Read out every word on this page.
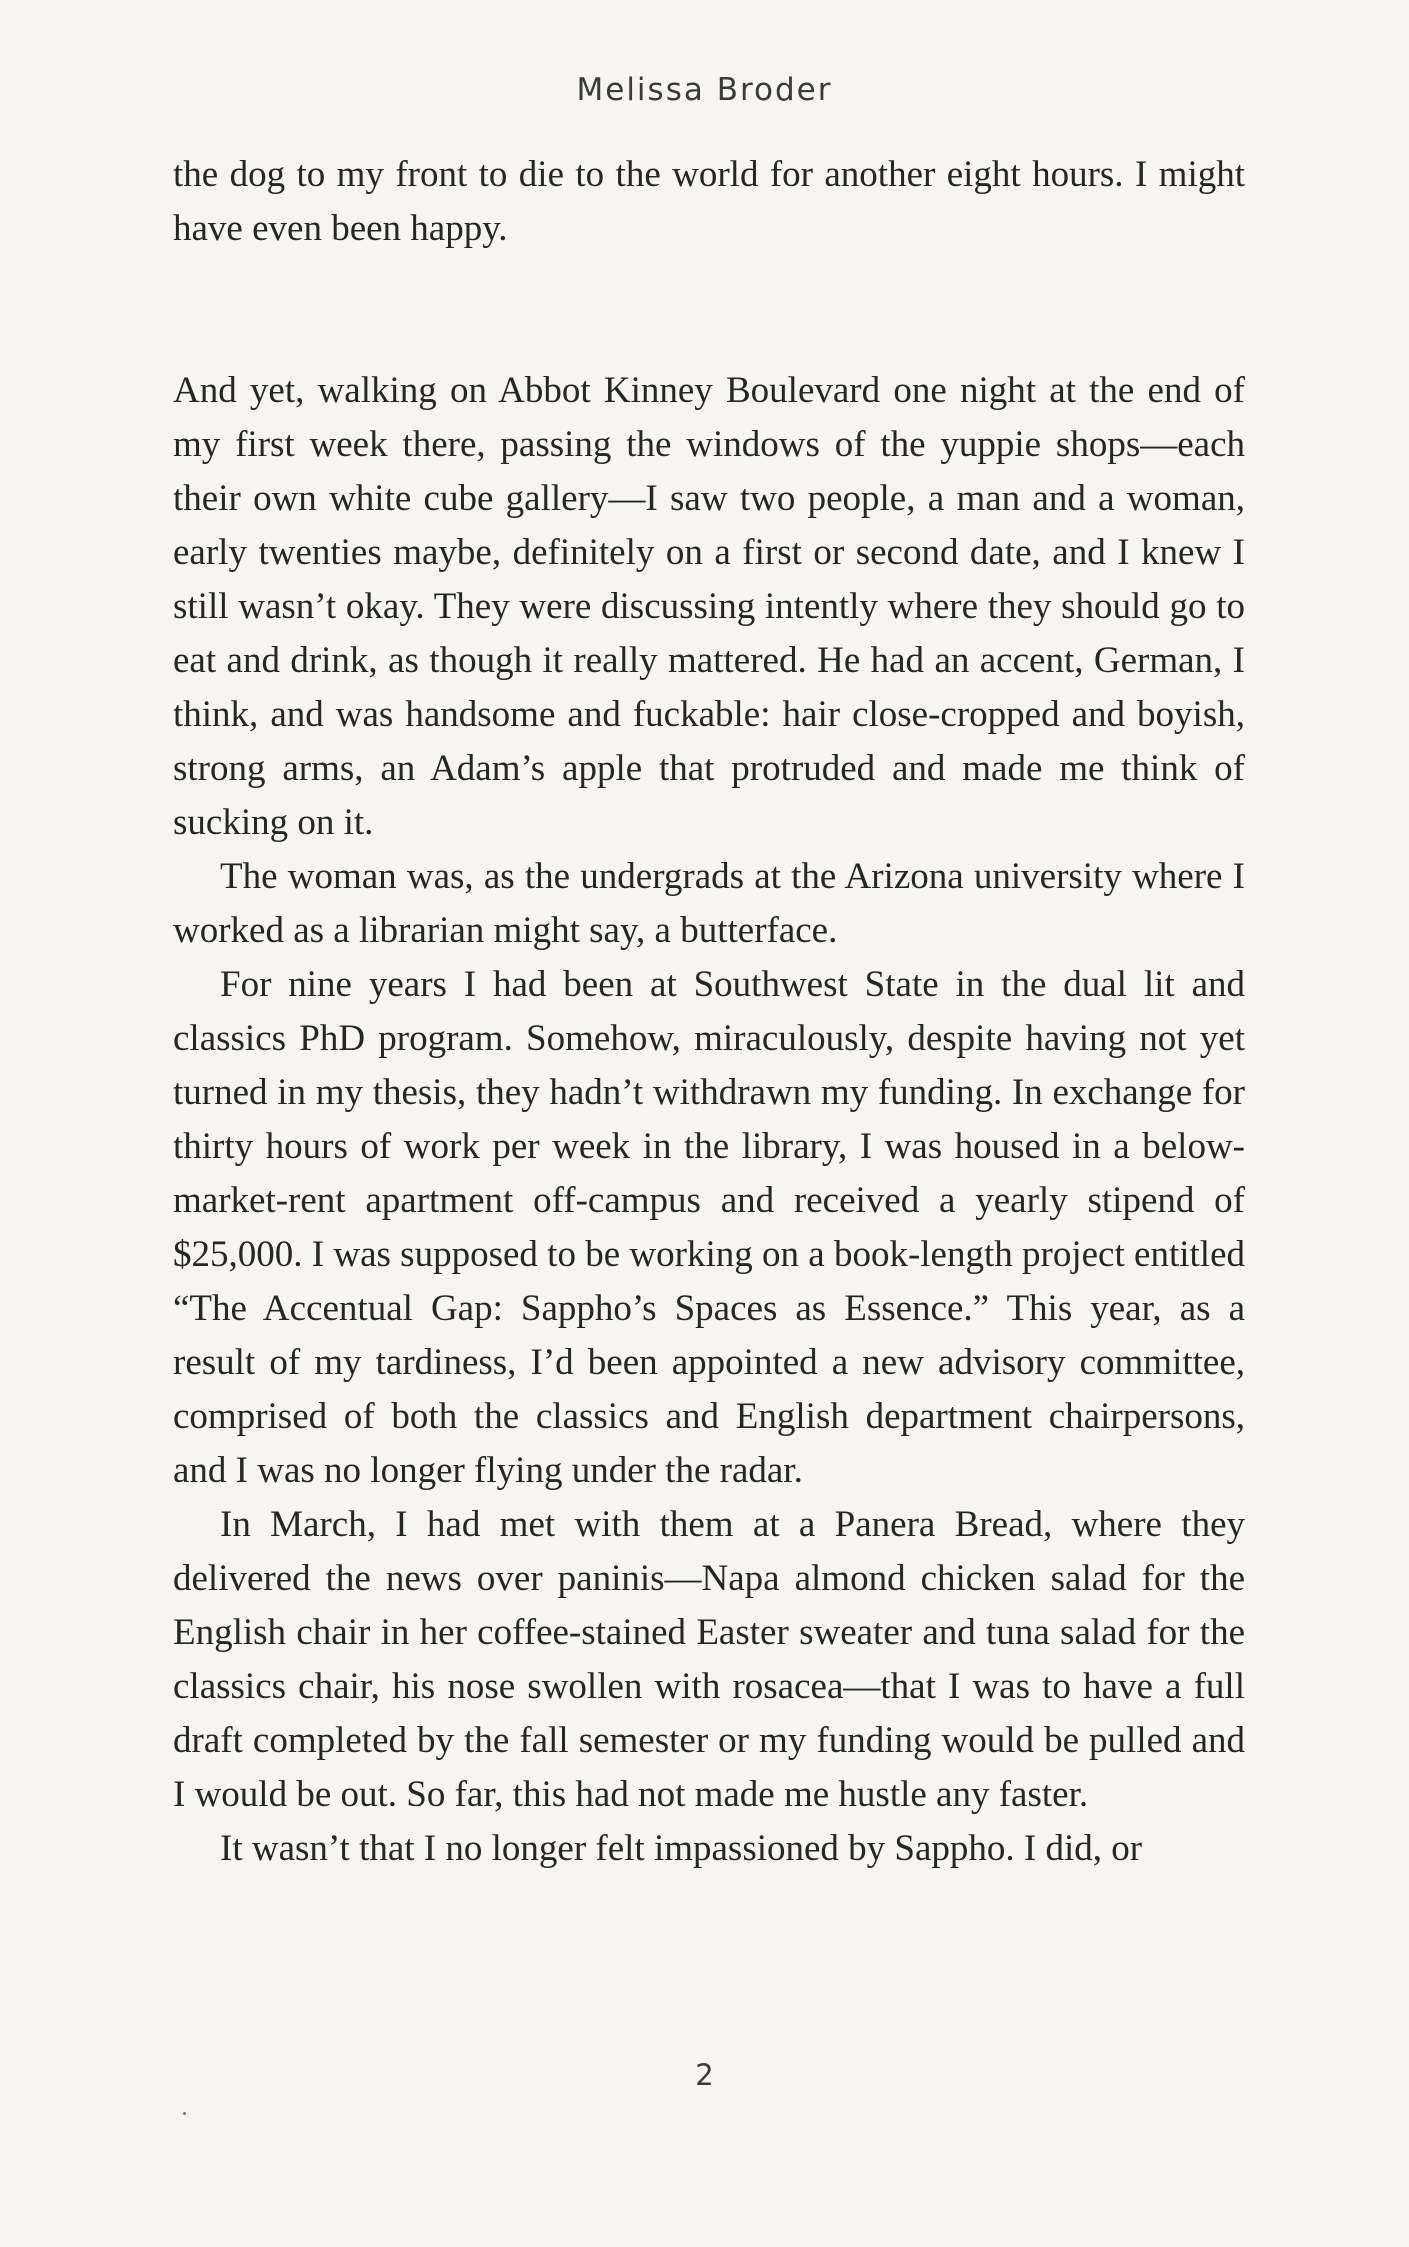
Melissa Broder

the dog to my front to die to the world for another eight hours. I might have even been happy.

And yet, walking on Abbot Kinney Boulevard one night at the end of my first week there, passing the windows of the yuppie shops—each their own white cube gallery—I saw two people, a man and a woman, early twenties maybe, definitely on a first or second date, and I knew I still wasn’t okay. They were discussing intently where they should go to eat and drink, as though it really mattered. He had an accent, German, I think, and was handsome and fuckable: hair close-cropped and boyish, strong arms, an Adam’s apple that protruded and made me think of sucking on it.

The woman was, as the undergrads at the Arizona university where I worked as a librarian might say, a butterface.

For nine years I had been at Southwest State in the dual lit and classics PhD program. Somehow, miraculously, despite having not yet turned in my thesis, they hadn’t withdrawn my funding. In exchange for thirty hours of work per week in the library, I was housed in a below-market-rent apartment off-campus and received a yearly stipend of $25,000. I was supposed to be working on a book-length project entitled “The Accentual Gap: Sappho’s Spaces as Essence.” This year, as a result of my tardiness, I’d been appointed a new advisory committee, comprised of both the classics and English department chairpersons, and I was no longer flying under the radar.

In March, I had met with them at a Panera Bread, where they delivered the news over paninis—Napa almond chicken salad for the English chair in her coffee-stained Easter sweater and tuna salad for the classics chair, his nose swollen with rosacea—that I was to have a full draft completed by the fall semester or my funding would be pulled and I would be out. So far, this had not made me hustle any faster.

It wasn’t that I no longer felt impassioned by Sappho. I did, or

2
